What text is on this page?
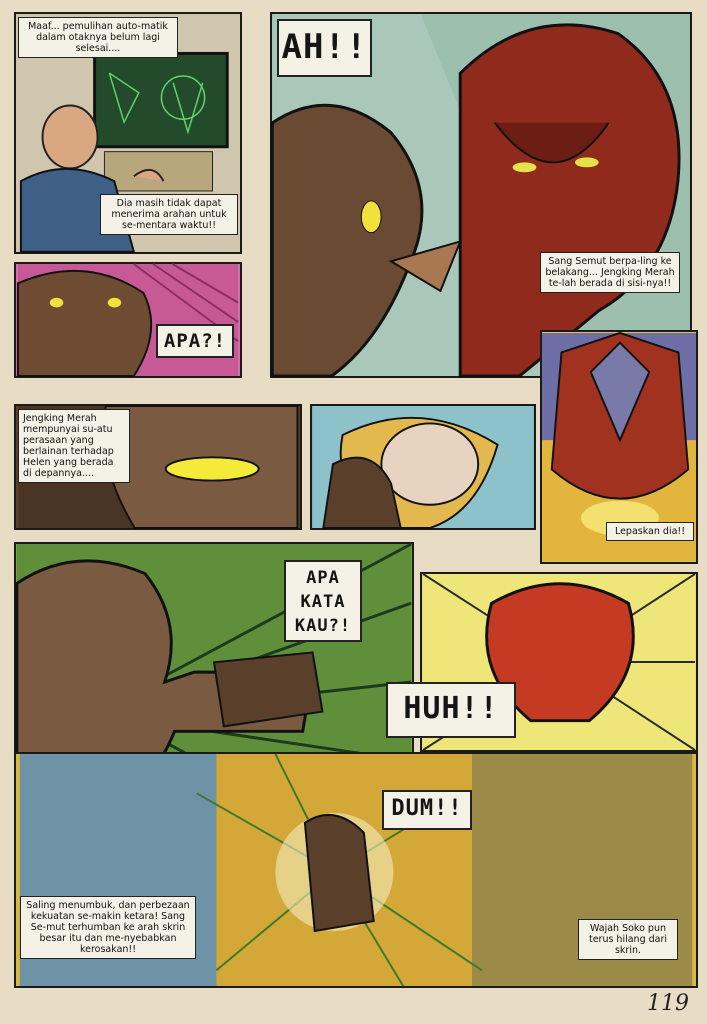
Maaf... pemulihan auto-matik dalam otaknya belum lagi selesai....
Dia masih tidak dapat menerima arahan untuk se-mentara waktu!!
AH!!
Sang Semut berpa-ling ke belakang... Jengking Merah te-lah berada di sisi-nya!!
APA?!
Jengking Merah mempunyai su-atu perasaan yang berlainan terhadap Helen yang berada di depannya....
Lepaskan dia!!
APA KATA KAU?!
HUH!!
DUM!!
Saling menumbuk, dan perbezaan kekuatan se-makin ketara! Sang Se-mut terhumban ke arah skrin besar itu dan me-nyebabkan kerosakan!!
Wajah Soko pun terus hilang dari skrin.
119
